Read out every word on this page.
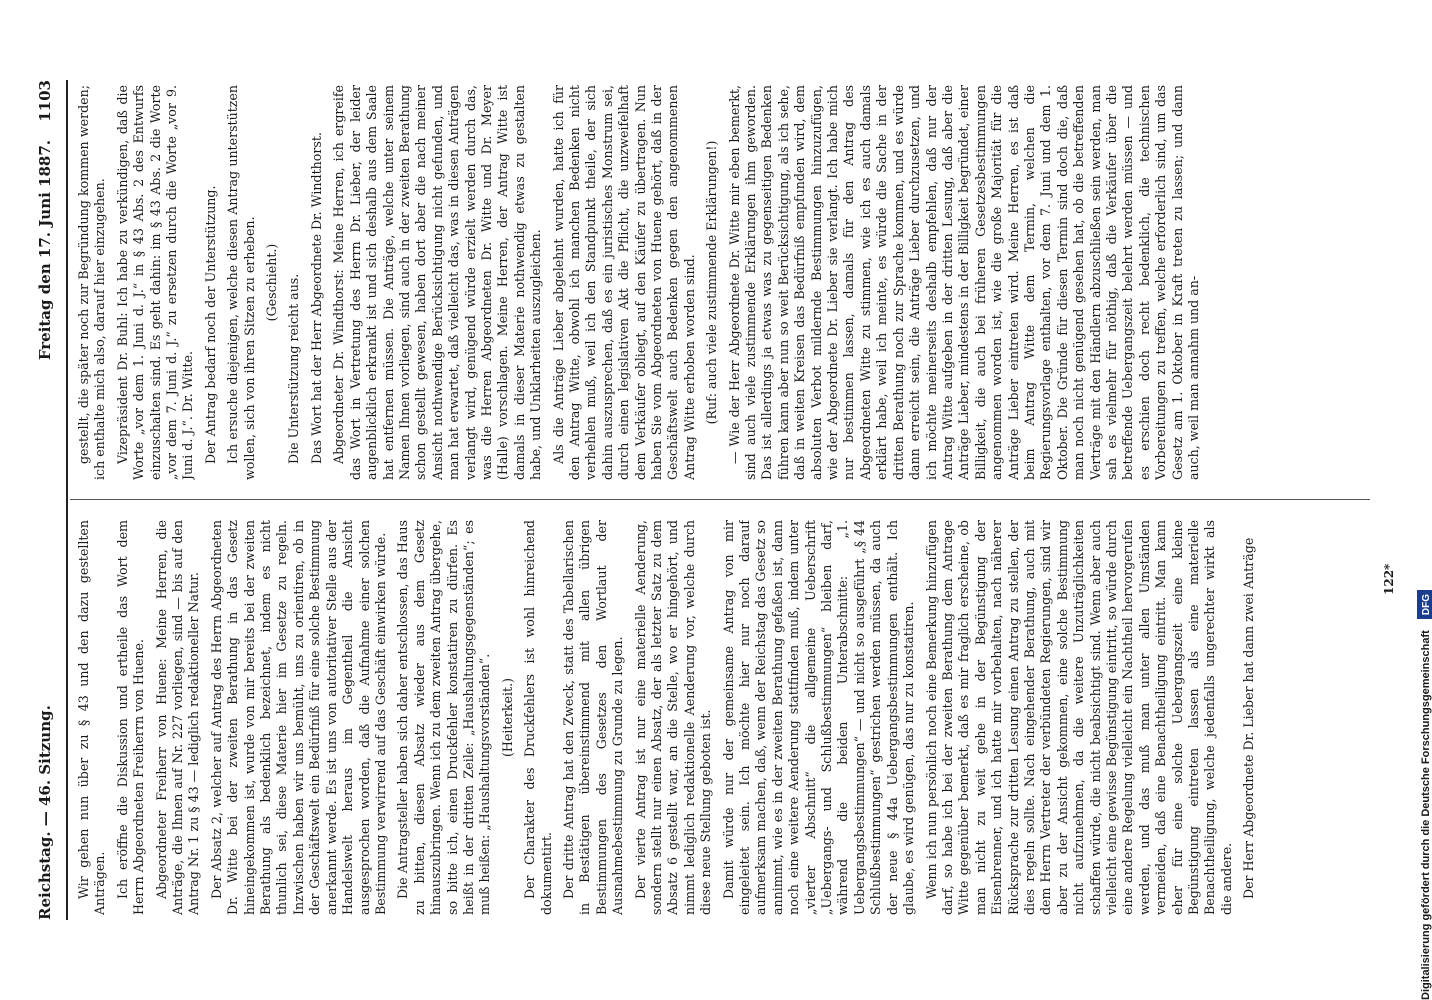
Reichstag. — 46. Sitzung.
Freitag den 17. Juni 1887.
1103

Wir gehen nun über zu § 43 und den dazu gestellten Anträgen. Ich eröffne die Diskussion und ertheile das Wort dem Herrn Abgeordneten Freiherrn von Huene. Abgeordneter Freiherr von Huene: Meine Herren, die Anträge, die Ihnen auf Nr. 227 vorliegen, sind — bis auf den Antrag Nr. 1 zu § 43 — lediglich redaktioneller Natur. Der Absatz 2, welcher auf Antrag des Herrn Abgeordneten Dr. Witte bei der zweiten Berathung in das Gesetz hineingekommen ist, wurde von mir bereits bei der zweiten Berathung als bedenklich bezeichnet, indem es nicht thunlich sei, diese Materie hier im Gesetze zu regeln. Inzwischen haben wir uns bemüht, uns zu orientiren, ob in der Geschäftswelt ein Bedürfniß für eine solche Bestimmung anerkannt werde. Es ist uns von autoritativer Stelle aus der Handelswelt heraus im Gegentheil die Ansicht ausgesprochen worden, daß die Aufnahme einer solchen Bestimmung verwirrend auf das Geschäft einwirken würde. Die Antragsteller haben sich daher entschlossen, das Haus zu bitten, diesen Absatz wieder aus dem Gesetz hinauszubringen. Wenn ich zu dem zweiten Antrag übergehe, so bitte ich, einen Druckfehler konstatiren zu dürfen. Es heißt in der dritten Zeile: „Haushaltungsgegenständen“; es muß heißen: „Haushaltungsvorständen“. (Heiterkeit.) Der Charakter des Druckfehlers ist wohl hinreichend dokumentirt. Der dritte Antrag hat den Zweck, statt des Tabellarischen in Bestätigen übereinstimmend mit allen übrigen Bestimmungen des Gesetzes den Wortlaut der Ausnahmebestimmung zu Grunde zu legen. Der vierte Antrag ist nur eine materielle Aenderung, sondern stellt nur einen Absatz, der als letzter Satz zu dem Absatz 6 gestellt war, an die Stelle, wo er hingehört, und nimmt lediglich redaktionelle Aenderung vor, welche durch diese neue Stellung geboten ist. Damit würde nur der gemeinsame Antrag von mir eingeleitet sein. Ich möchte hier nur noch darauf aufmerksam machen, daß, wenn der Reichstag das Gesetz so annimmt, wie es in der zweiten Berathung gefaßen ist, dann noch eine weitere Aenderung stattfinden muß, indem unter „vierter Abschnitt“ die allgemeine Ueberschrift „Uebergangs- und Schlußbestimmungen“ bleiben darf, während die beiden Unterabschnitte: „1. Uebergangsbestimmungen“ — und nicht so ausgeführt „§ 44 Schlußbestimmungen“ gestrichen werden müssen, da auch der neue § 44a Uebergangsbestimmungen enthält. Ich glaube, es wird genügen, das nur zu konstatiren. Wenn ich nun persönlich noch eine Bemerkung hinzufügen darf, so habe ich bei der zweiten Berathung dem Antrage Witte gegenüber bemerkt, daß es mir fraglich erscheine, ob man nicht zu weit gehe in der Begünstigung der Eisenbrenner, und ich hatte mir vorbehalten, nach näherer Rücksprache zur dritten Lesung einen Antrag zu stellen, der dies regeln sollte. Nach eingehender Berathung, auch mit dem Herrn Vertreter der verbündeten Regierungen, sind wir aber zu der Ansicht gekommen, eine solche Bestimmung nicht aufzunehmen, da die weitere Unzuträglichkeiten schaffen würde, die nicht beabsichtigt sind. Wenn aber auch vielleicht eine gewisse Begünstigung eintritt, so würde durch eine andere Regelung vielleicht ein Nachtheil hervorgerufen werden, und das muß man unter allen Umständen vermeiden, daß eine Benachtheiligung eintritt. Man kann eher für eine solche Uebergangszeit eine kleine Begünstigung eintreten lassen als eine materielle Benachtheiligung, welche jedenfalls ungerechter wirkt als die andere. Der Herr Abgeordnete Dr. Lieber hat dann zwei Anträge

gestellt, die später noch zur Begründung kommen werden; ich enthalte mich also, darauf hier einzugehen. Vizepräsident Dr. Buhl: Ich habe zu verkündigen, daß die Worte „vor dem 1. Juni d. J.“ in § 43 Abs. 2 des Entwurfs einzuschalten sind. Es geht dahin: im § 43 Abs. 2 die Worte „vor dem 7. Juni d. J.“ zu ersetzen durch die Worte „vor 9. Juni d. J.“. Dr. Witte. Der Antrag bedarf noch der Unterstützung. Ich ersuche diejenigen, welche diesen Antrag unterstützen wollen, sich von ihren Sitzen zu erheben. (Geschieht.) Die Unterstützung reicht aus. Das Wort hat der Herr Abgeordnete Dr. Windthorst. Abgeordneter Dr. Windthorst: Meine Herren, ich ergreife das Wort in Vertretung des Herrn Dr. Lieber, der leider augenblicklich erkrankt ist und sich deshalb aus dem Saale hat entfernen müssen. Die Anträge, welche unter seinem Namen Ihnen vorliegen, sind auch in der zweiten Berathung schon gestellt gewesen, haben dort aber die nach meiner Ansicht nothwendige Berücksichtigung nicht gefunden, und man hat erwartet, daß vielleicht das, was in diesen Anträgen verlangt wird, genügend würde erzielt werden durch das, was die Herren Abgeordneten Dr. Witte und Dr. Meyer (Halle) vorschlagen. Meine Herren, der Antrag Witte ist damals in dieser Materie nothwendig etwas zu gestalten habe, und Unklarheiten auszugleichen. Als die Anträge Lieber abgelehnt wurden, hatte ich für den Antrag Witte, obwohl ich manchen Bedenken nicht verhehlen muß, weil ich den Standpunkt theile, der sich dahin auszusprechen, daß es ein juristisches Monstrum sei, durch einen legislativen Akt die Pflicht, die unzweifelhaft dem Verkäufer obliegt, auf den Käufer zu übertragen. Nun haben Sie vom Abgeordneten von Huene gehört, daß in der Geschäftswelt auch Bedenken gegen den angenommenen Antrag Witte erhoben worden sind. (Ruf: auch viele zustimmende Erklärungen!) — Wie der Herr Abgeordnete Dr. Witte mir eben bemerkt, sind auch viele zustimmende Erklärungen ihm geworden. Das ist allerdings ja etwas was zu gegenseitigen Bedenken führen kann aber nun so weit Berücksichtigung, als ich sehe, daß in weiten Kreisen das Bedürfniß empfunden wird, dem absoluten Verbot mildernde Bestimmungen hinzuzufügen, wie der Abgeordnete Dr. Lieber sie verlangt. Ich habe mich nur bestimmen lassen, damals für den Antrag des Abgeordneten Witte zu stimmen, wie ich es auch damals erklärt habe, weil ich meinte, es würde die Sache in der dritten Berathung noch zur Sprache kommen, und es würde dann erreicht sein, die Anträge Lieber durchzusetzen, und ich möchte meinerseits deshalb empfehlen, daß nur der Antrag Witte aufgeben in der dritten Lesung, daß aber die Anträge Lieber, mindestens in der Billigkeit begründet, einer Billigkeit, die auch bei früheren Gesetzesbestimmungen angenommen worden ist, wie die große Majorität für die Anträge Lieber eintreten wird. Meine Herren, es ist daß beim Antrag Witte dem Termin, welchen die Regierungsvorlage enthalten, vor dem 7. Juni und dem 1. Oktober. Die Gründe für diesen Termin sind doch die, daß man noch nicht genügend gesehen hat, ob die betreffenden Verträge mit den Händlern abzuschließen sein werden, man sah es vielmehr für nöthig, daß die Verkäufer über die betreffende Uebergangszeit belehrt werden müssen — und es erschien doch recht bedenklich, die technischen Vorbereitungen zu treffen, welche erforderlich sind, um das Gesetz am 1. Oktober in Kraft treten zu lassen; und dann auch, weil man annahm und an-

122*
Digitalisierung gefördert durch die Deutsche Forschungsgemeinschaft DFG
